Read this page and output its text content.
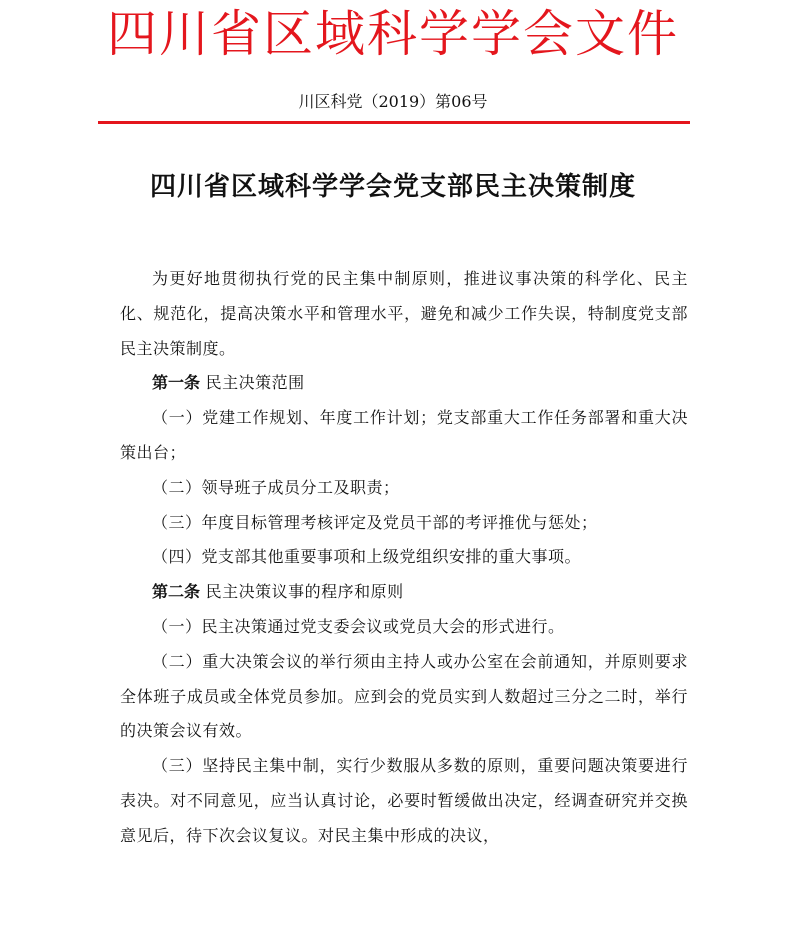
四川省区域科学学会文件
川区科党（2019）第06号
四川省区域科学学会党支部民主决策制度

为更好地贯彻执行党的民主集中制原则，推进议事决策的科学化、民主化、规范化，提高决策水平和管理水平，避免和减少工作失误，特制度党支部民主决策制度。

第一条 民主决策范围

（一）党建工作规划、年度工作计划；党支部重大工作任务部署和重大决策出台；

（二）领导班子成员分工及职责；

（三）年度目标管理考核评定及党员干部的考评推优与惩处；

（四）党支部其他重要事项和上级党组织安排的重大事项。

第二条 民主决策议事的程序和原则

（一）民主决策通过党支委会议或党员大会的形式进行。

（二）重大决策会议的举行须由主持人或办公室在会前通知，并原则要求全体班子成员或全体党员参加。应到会的党员实到人数超过三分之二时，举行的决策会议有效。

（三）坚持民主集中制，实行少数服从多数的原则，重要问题决策要进行表决。对不同意见，应当认真讨论，必要时暂缓做出决定，经调查研究并交换意见后，待下次会议复议。对民主集中形成的决议，
